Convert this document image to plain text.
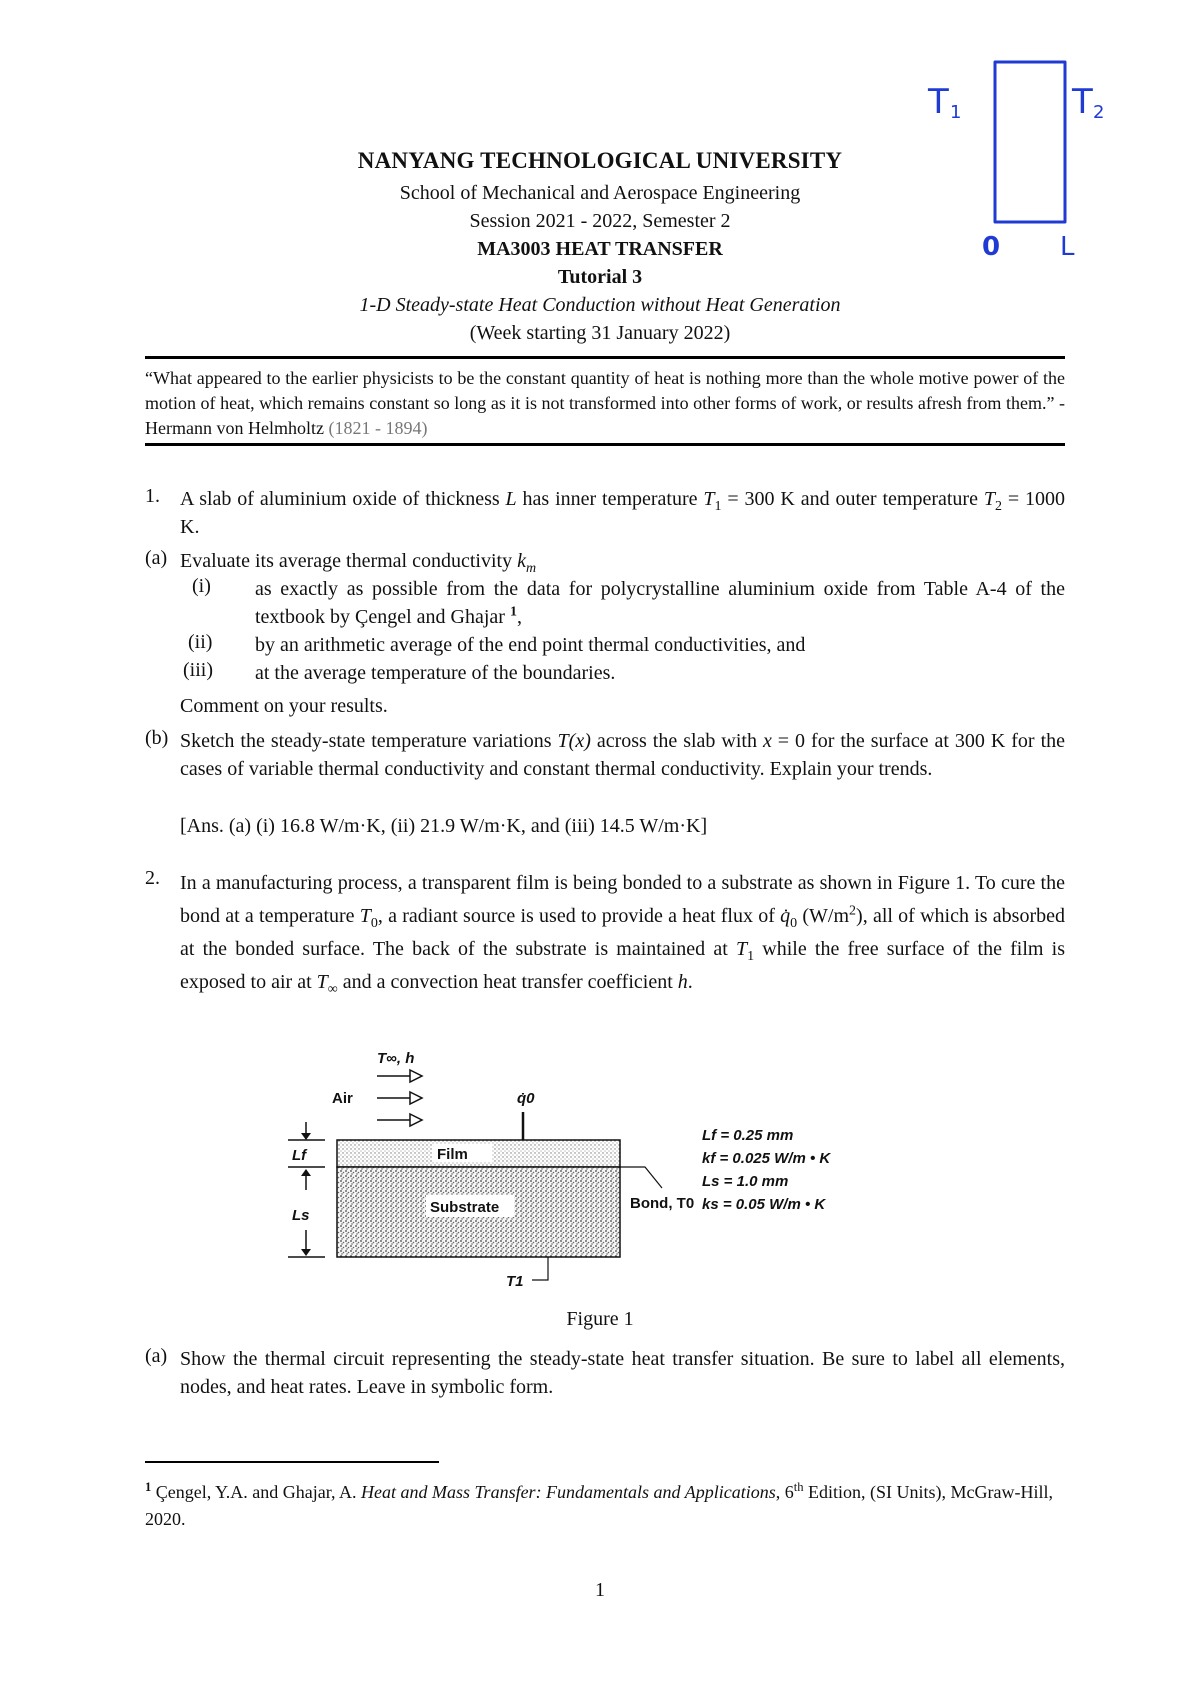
T 1	T 2
0 L
NANYANG TECHNOLOGICAL UNIVERSITY
School of Mechanical and Aerospace Engineering
Session 2021 - 2022, Semester 2
MA3003 HEAT TRANSFER
Tutorial 3
1-D Steady-state Heat Conduction without Heat Generation
(Week starting 31 January 2022)
“What appeared to the earlier physicists to be the constant quantity of heat is nothing more than the whole motive power of the motion of heat, which remains constant so long as it is not transformed into other forms of work, or results afresh from them.” - Hermann von Helmholtz (1821 - 1894)
1. A slab of aluminium oxide of thickness L has inner temperature $T_1 = 300$ K and outer temperature $T_2 = 1000$ K.
(a) Evaluate its average thermal conductivity $k_m$
(i) as exactly as possible from the data for polycrystalline aluminium oxide from Table A-4 of the textbook by Çengel and Ghajar $^1$,
(ii) by an arithmetic average of the end point thermal conductivities, and
(iii) at the average temperature of the boundaries.
Comment on your results.
(b) Sketch the steady-state temperature variations T(x) across the slab with x = 0 for the surface at 300 K for the cases of variable thermal conductivity and constant thermal conductivity. Explain your trends.
[Ans. (a) (i) 16.8 W/m·K, (ii) 21.9 W/m·K, and (iii) 14.5 W/m·K]
2. In a manufacturing process, a transparent film is being bonded to a substrate as shown in Figure 1. To cure the bond at a temperature $T_0$, a radiant source is used to provide a heat flux of $q̇_0$ $(W/m^2)$, all of which is absorbed at the bonded surface. The back of the substrate is maintained at $T_1$ while the free surface of the film is exposed to air at $T_\infty$ and a convection heat transfer coefficient h.
T∞, h
Air	q̇0
Film
Substrate
Lf
Ls
Bond, T0
T1
Lf = 0.25 mm
kf = 0.025 W/m • K
Ls = 1.0 mm
ks = 0.05 W/m • K
Figure 1
(a) Show the thermal circuit representing the steady-state heat transfer situation. Be sure to label all elements, nodes, and heat rates. Leave in symbolic form.
$^1$ Çengel, Y.A. and Ghajar, A. Heat and Mass Transfer: Fundamentals and Applications, 6th Edition, (SI Units), McGraw-Hill, 2020.
1
